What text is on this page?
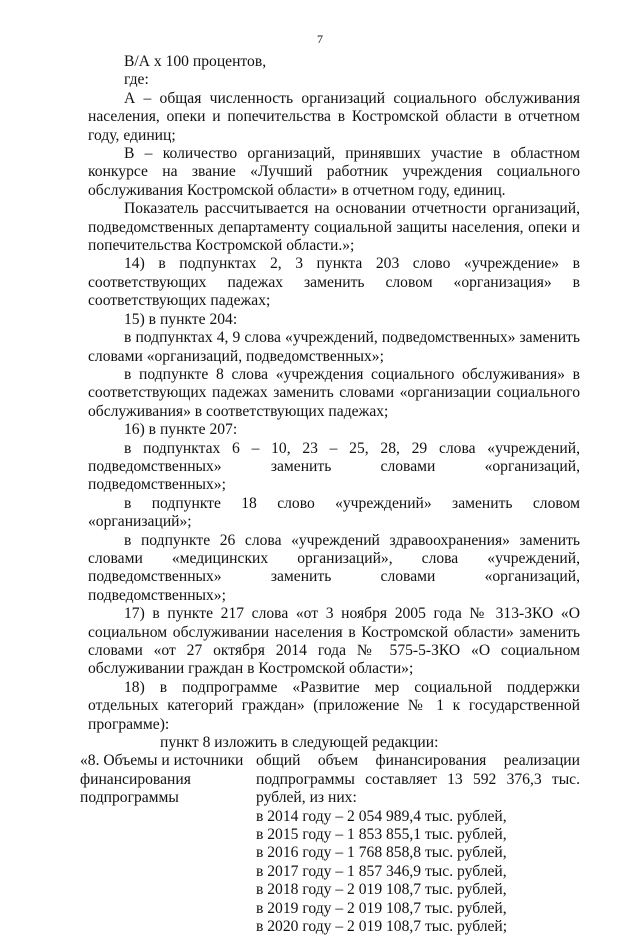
7

В/А х 100 процентов,

где:

А – общая численность организаций социального обслуживания населения, опеки и попечительства в Костромской области в отчетном году, единиц;

В – количество организаций, принявших участие в областном конкурсе на звание «Лучший работник учреждения социального обслуживания Костромской области» в отчетном году, единиц.

Показатель рассчитывается на основании отчетности организаций, подведомственных департаменту социальной защиты населения, опеки и попечительства Костромской области.»;

14) в подпунктах 2, 3 пункта 203 слово «учреждение» в соответствующих падежах заменить словом «организация» в соответствующих падежах;

15) в пункте 204:

в подпунктах 4, 9 слова «учреждений, подведомственных» заменить словами «организаций, подведомственных»;

в подпункте 8 слова «учреждения социального обслуживания» в соответствующих падежах заменить словами «организации социального обслуживания» в соответствующих падежах;

16) в пункте 207:

в подпунктах 6 – 10, 23 – 25, 28, 29 слова «учреждений, подведомственных» заменить словами «организаций, подведомственных»;

в подпункте 18 слово «учреждений» заменить словом «организаций»;

в подпункте 26 слова «учреждений здравоохранения» заменить словами «медицинских организаций», слова «учреждений, подведомственных» заменить словами «организаций, подведомственных»;

17) в пункте 217 слова «от 3 ноября 2005 года № 313-ЗКО «О социальном обслуживании населения в Костромской области» заменить словами «от 27 октября 2014 года № 575-5-ЗКО «О социальном обслуживании граждан в Костромской области»;

18) в подпрограмме «Развитие мер социальной поддержки отдельных категорий граждан» (приложение № 1 к государственной программе):

пункт 8 изложить в следующей редакции:

«8. Объемы и источники финансирования подпрограммы

общий объем финансирования реализации подпрограммы составляет 13 592 376,3 тыс. рублей, из них:

в 2014 году – 2 054 989,4 тыс. рублей,
в 2015 году – 1 853 855,1 тыс. рублей,
в 2016 году – 1 768 858,8 тыс. рублей,
в 2017 году – 1 857 346,9 тыс. рублей,
в 2018 году – 2 019 108,7 тыс. рублей,
в 2019 году – 2 019 108,7 тыс. рублей,
в 2020 году – 2 019 108,7 тыс. рублей;
